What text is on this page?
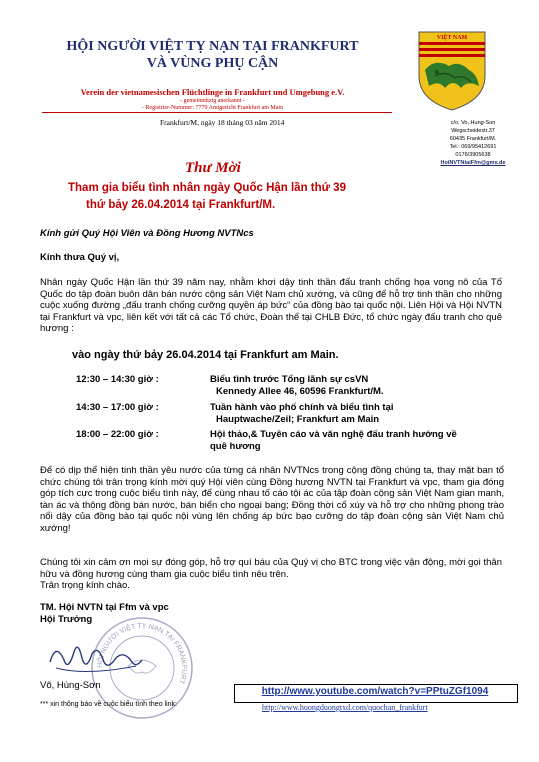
HỘI NGƯỜI VIỆT TỴ NẠN TẠI FRANKFURT
VÀ VÙNG PHỤ CẬN
Verein der vietnamesischen Flüchtlinge in Frankfurt und Umgebung e.V.
- gemeinnützig anerkannt -
- Registrier-Nummer: 7779 Amtgericht Frankfurt am Main
VIỆT NAM
Frankfurt/M, ngày 18 tháng 03 năm 2014	c/o. Vo, Hung-Son
Wegscheidestr.37
60435 Frankfurt/M.
Tel.: 069/95412691
0176/3905638
HoiNVTNtaiFfm@gmx.de
Thư Mời
Tham gia biểu tình nhân ngày Quốc Hận lần thứ 39
thứ bảy 26.04.2014 tại Frankfurt/M.
Kính gửi Quý Hội Viên và Đồng Hương NVTNcs
Kính thưa Quý vị,
Nhân ngày Quốc Hận lần thứ 39 năm nay, nhằm khơi dậy tinh thần đấu tranh chống họa vong nô của Tổ Quốc do tập đoàn buôn dân bán nước cộng sản Việt Nam chủ xướng, và cũng để hỗ trợ tinh thần cho những cuộc xuống đường „đấu tranh chống cưỡng quyền áp bức“ của đồng bào tại quốc nội. Liên Hội và Hội NVTN tại Frankfurt và vpc, liên kết với tất cả các Tổ chức, Đoàn thể tại CHLB Đức, tổ chức ngày đấu tranh cho quê hương :
vào ngày thứ bảy 26.04.2014 tại Frankfurt am Main.
12:30 – 14:30 giờ :	Biểu tình trước Tổng lãnh sự csVN
Kennedy Allee 46, 60596 Frankfurt/M.
14:30 – 17:00 giờ :	Tuần hành vào phố chính và biểu tình tại
Hauptwache/Zeil; Frankfurt am Main
18:00 – 22:00 giờ :	Hội thảo,& Tuyên cáo và văn nghệ đấu tranh hướng về
quê hương
Để có dịp thể hiện tinh thần yêu nước của từng cá nhân NVTNcs trong cộng đồng chúng ta, thay mặt ban tổ chức chúng tôi trân trọng kính mời quý Hội viên cùng Đồng hương NVTN tại Frankfurt và vpc, tham gia đóng góp tích cực trong cuộc biểu tình này, để cùng nhau tố cáo tội ác của tập đoàn cộng sản Việt Nam gian manh, tàn ác và thông đồng bán nước, bán biển cho ngoại bang; Đồng thời cổ xúy và hỗ trợ cho những phong trào nổi dậy của đồng bào tại quốc nội vùng lên chống áp bức bạo cưỡng do tập đoàn cộng sản Việt Nam chủ xướng!
Chúng tôi xin cảm ơn mọi sự đóng góp, hỗ trợ quí báu của Quý vị cho BTC trong việc vận động, mời gọi thân hữu và đồng hương cùng tham gia cuộc biểu tình nêu trên.
Trân trọng kính chào.
TM. Hội NVTN tại Ffm và vpc
Hội Trưởng
HỘI NGƯỜI VIỆT TỴ NẠN TẠI FRANKFURT
Võ, Hùng-Sơn
http://www.youtube.com/watch?v=PPtuZGf1094
*** xin thông báo về cuộc biểu tình theo link:	http://www.huongduongtxd.com/quochan_frankfurt
